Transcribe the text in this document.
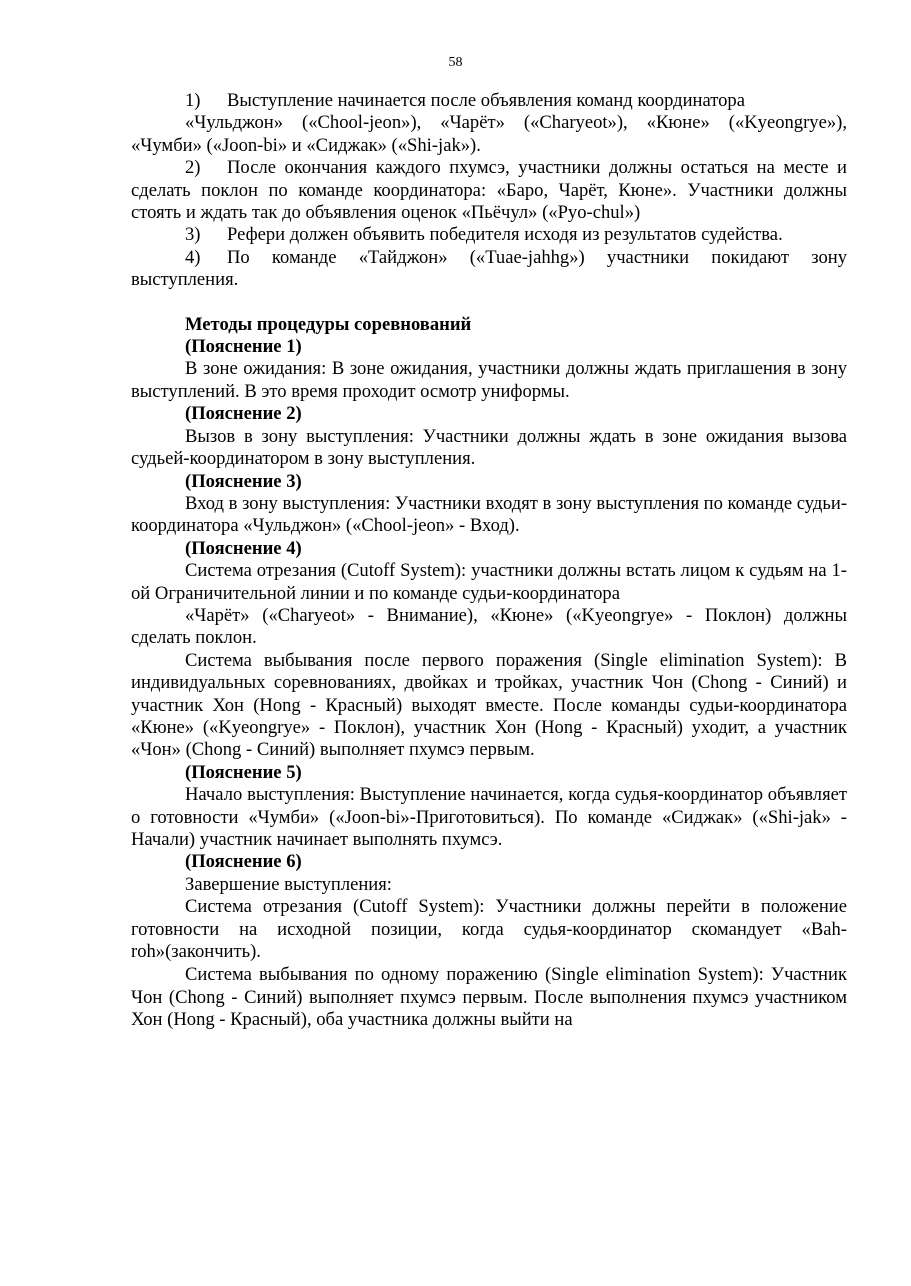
58

1) Выступление начинается после объявления команд координатора

«Чульджон» («Chool-jeon»), «Чарёт» («Charyeot»), «Кюне» («Kyeongrye»), «Чумби» («Joon-bi» и «Сиджак» («Shi-jak»).

2) После окончания каждого пхумсэ, участники должны остаться на месте и сделать поклон по команде координатора: «Баро, Чарёт, Кюне». Участники должны стоять и ждать так до объявления оценок «Пьёчул» («Pyo-chul»)

3) Рефери должен объявить победителя исходя из результатов судейства.

4) По команде «Тайджон» («Tuae-jahhg») участники покидают зону выступления.

Методы процедуры соревнований

(Пояснение 1)

В зоне ожидания: В зоне ожидания, участники должны ждать приглашения в зону выступлений. В это время проходит осмотр униформы.

(Пояснение 2)

Вызов в зону выступления: Участники должны ждать в зоне ожидания вызова судьей-координатором в зону выступления.

(Пояснение 3)

Вход в зону выступления: Участники входят в зону выступления по команде судьи-координатора «Чульджон» («Chool-jeon» - Вход).

(Пояснение 4)

Система отрезания (Cutoff System): участники должны встать лицом к судьям на 1-ой Ограничительной линии и по команде судьи-координатора

«Чарёт» («Charyeot» - Внимание), «Кюне» («Kyeongrye» - Поклон) должны сделать поклон.

Система выбывания после первого поражения (Single elimination System): В индивидуальных соревнованиях, двойках и тройках, участник Чон (Chong - Синий) и участник Хон (Hong - Красный) выходят вместе. После команды судьи-координатора «Кюне» («Kyeongrye» - Поклон), участник Хон (Hong - Красный) уходит, а участник «Чон» (Chong - Синий) выполняет пхумсэ первым.

(Пояснение 5)

Начало выступления: Выступление начинается, когда судья-координатор объявляет о готовности «Чумби» («Joon-bi»-Приготовиться). По команде «Сиджак» («Shi-jak» - Начали) участник начинает выполнять пхумсэ.

(Пояснение 6)

Завершение выступления:

Система отрезания (Cutoff System): Участники должны перейти в положение готовности на исходной позиции, когда судья-координатор скомандует «Bah- roh»(закончить).

Система выбывания по одному поражению (Single elimination System): Участник Чон (Chong - Синий) выполняет пхумсэ первым. После выполнения пхумсэ участником Хон (Hong - Красный), оба участника должны выйти на
